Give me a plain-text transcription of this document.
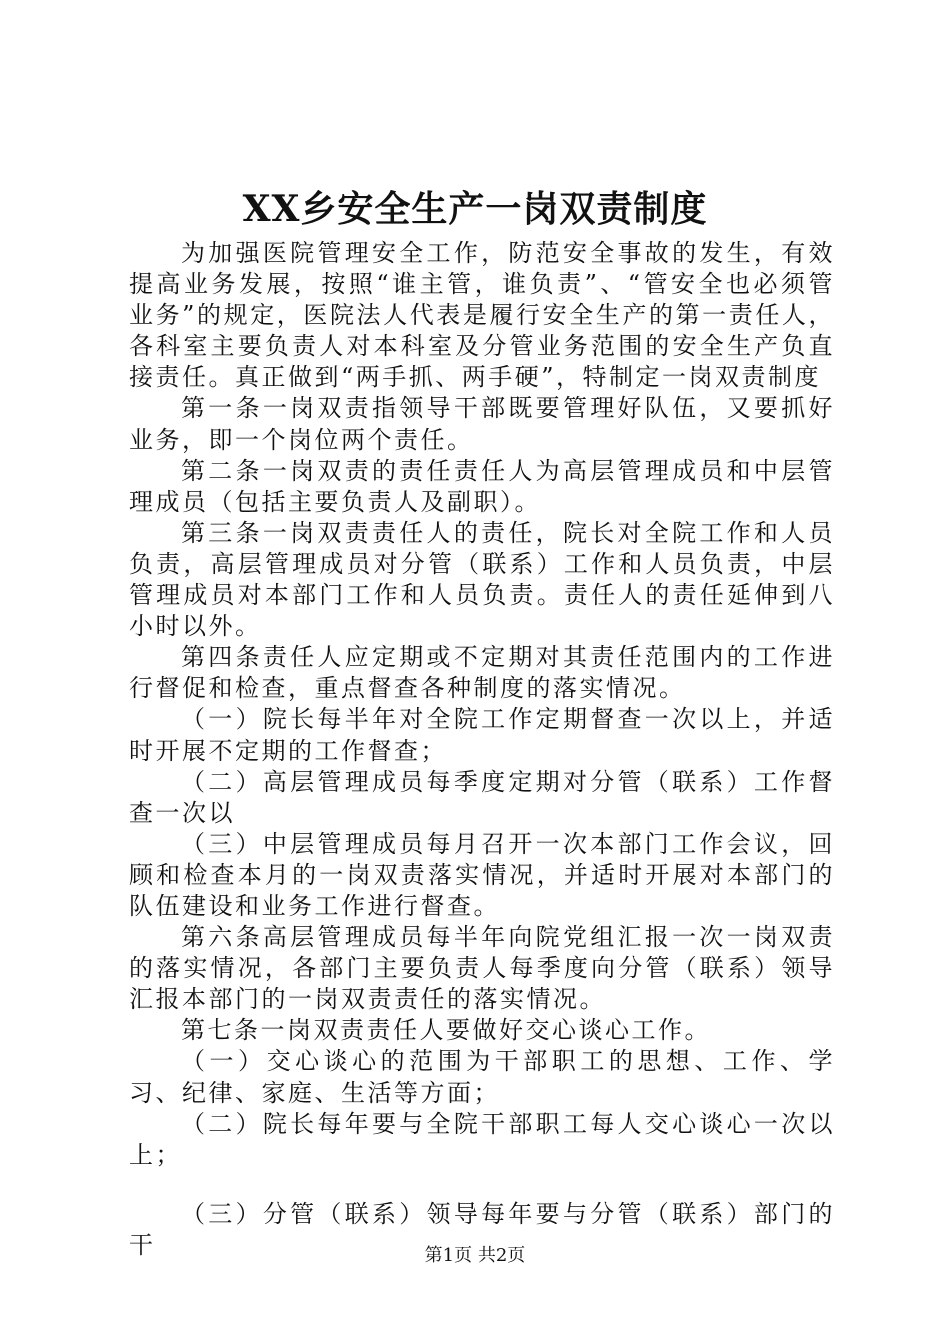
XX乡安全生产一岗双责制度

为加强医院管理安全工作，防范安全事故的发生，有效提高业务发展，按照“谁主管，谁负责”、“管安全也必须管业务”的规定，医院法人代表是履行安全生产的第一责任人，各科室主要负责人对本科室及分管业务范围的安全生产负直接责任。真正做到“两手抓、两手硬”，特制定一岗双责制度

第一条一岗双责指领导干部既要管理好队伍，又要抓好业务，即一个岗位两个责任。

第二条一岗双责的责任责任人为高层管理成员和中层管理成员（包括主要负责人及副职）。

第三条一岗双责责任人的责任，院长对全院工作和人员负责，高层管理成员对分管（联系）工作和人员负责，中层管理成员对本部门工作和人员负责。责任人的责任延伸到八小时以外。

第四条责任人应定期或不定期对其责任范围内的工作进行督促和检查，重点督查各种制度的落实情况。

（一）院长每半年对全院工作定期督查一次以上，并适时开展不定期的工作督查；

（二）高层管理成员每季度定期对分管（联系）工作督查一次以

（三）中层管理成员每月召开一次本部门工作会议，回顾和检查本月的一岗双责落实情况，并适时开展对本部门的队伍建设和业务工作进行督查。

第六条高层管理成员每半年向院党组汇报一次一岗双责的落实情况，各部门主要负责人每季度向分管（联系）领导汇报本部门的一岗双责责任的落实情况。

第七条一岗双责责任人要做好交心谈心工作。

（一）交心谈心的范围为干部职工的思想、工作、学习、纪律、家庭、生活等方面；

（二）院长每年要与全院干部职工每人交心谈心一次以上；

（三）分管（联系）领导每年要与分管（联系）部门的干	第1页 共2页
